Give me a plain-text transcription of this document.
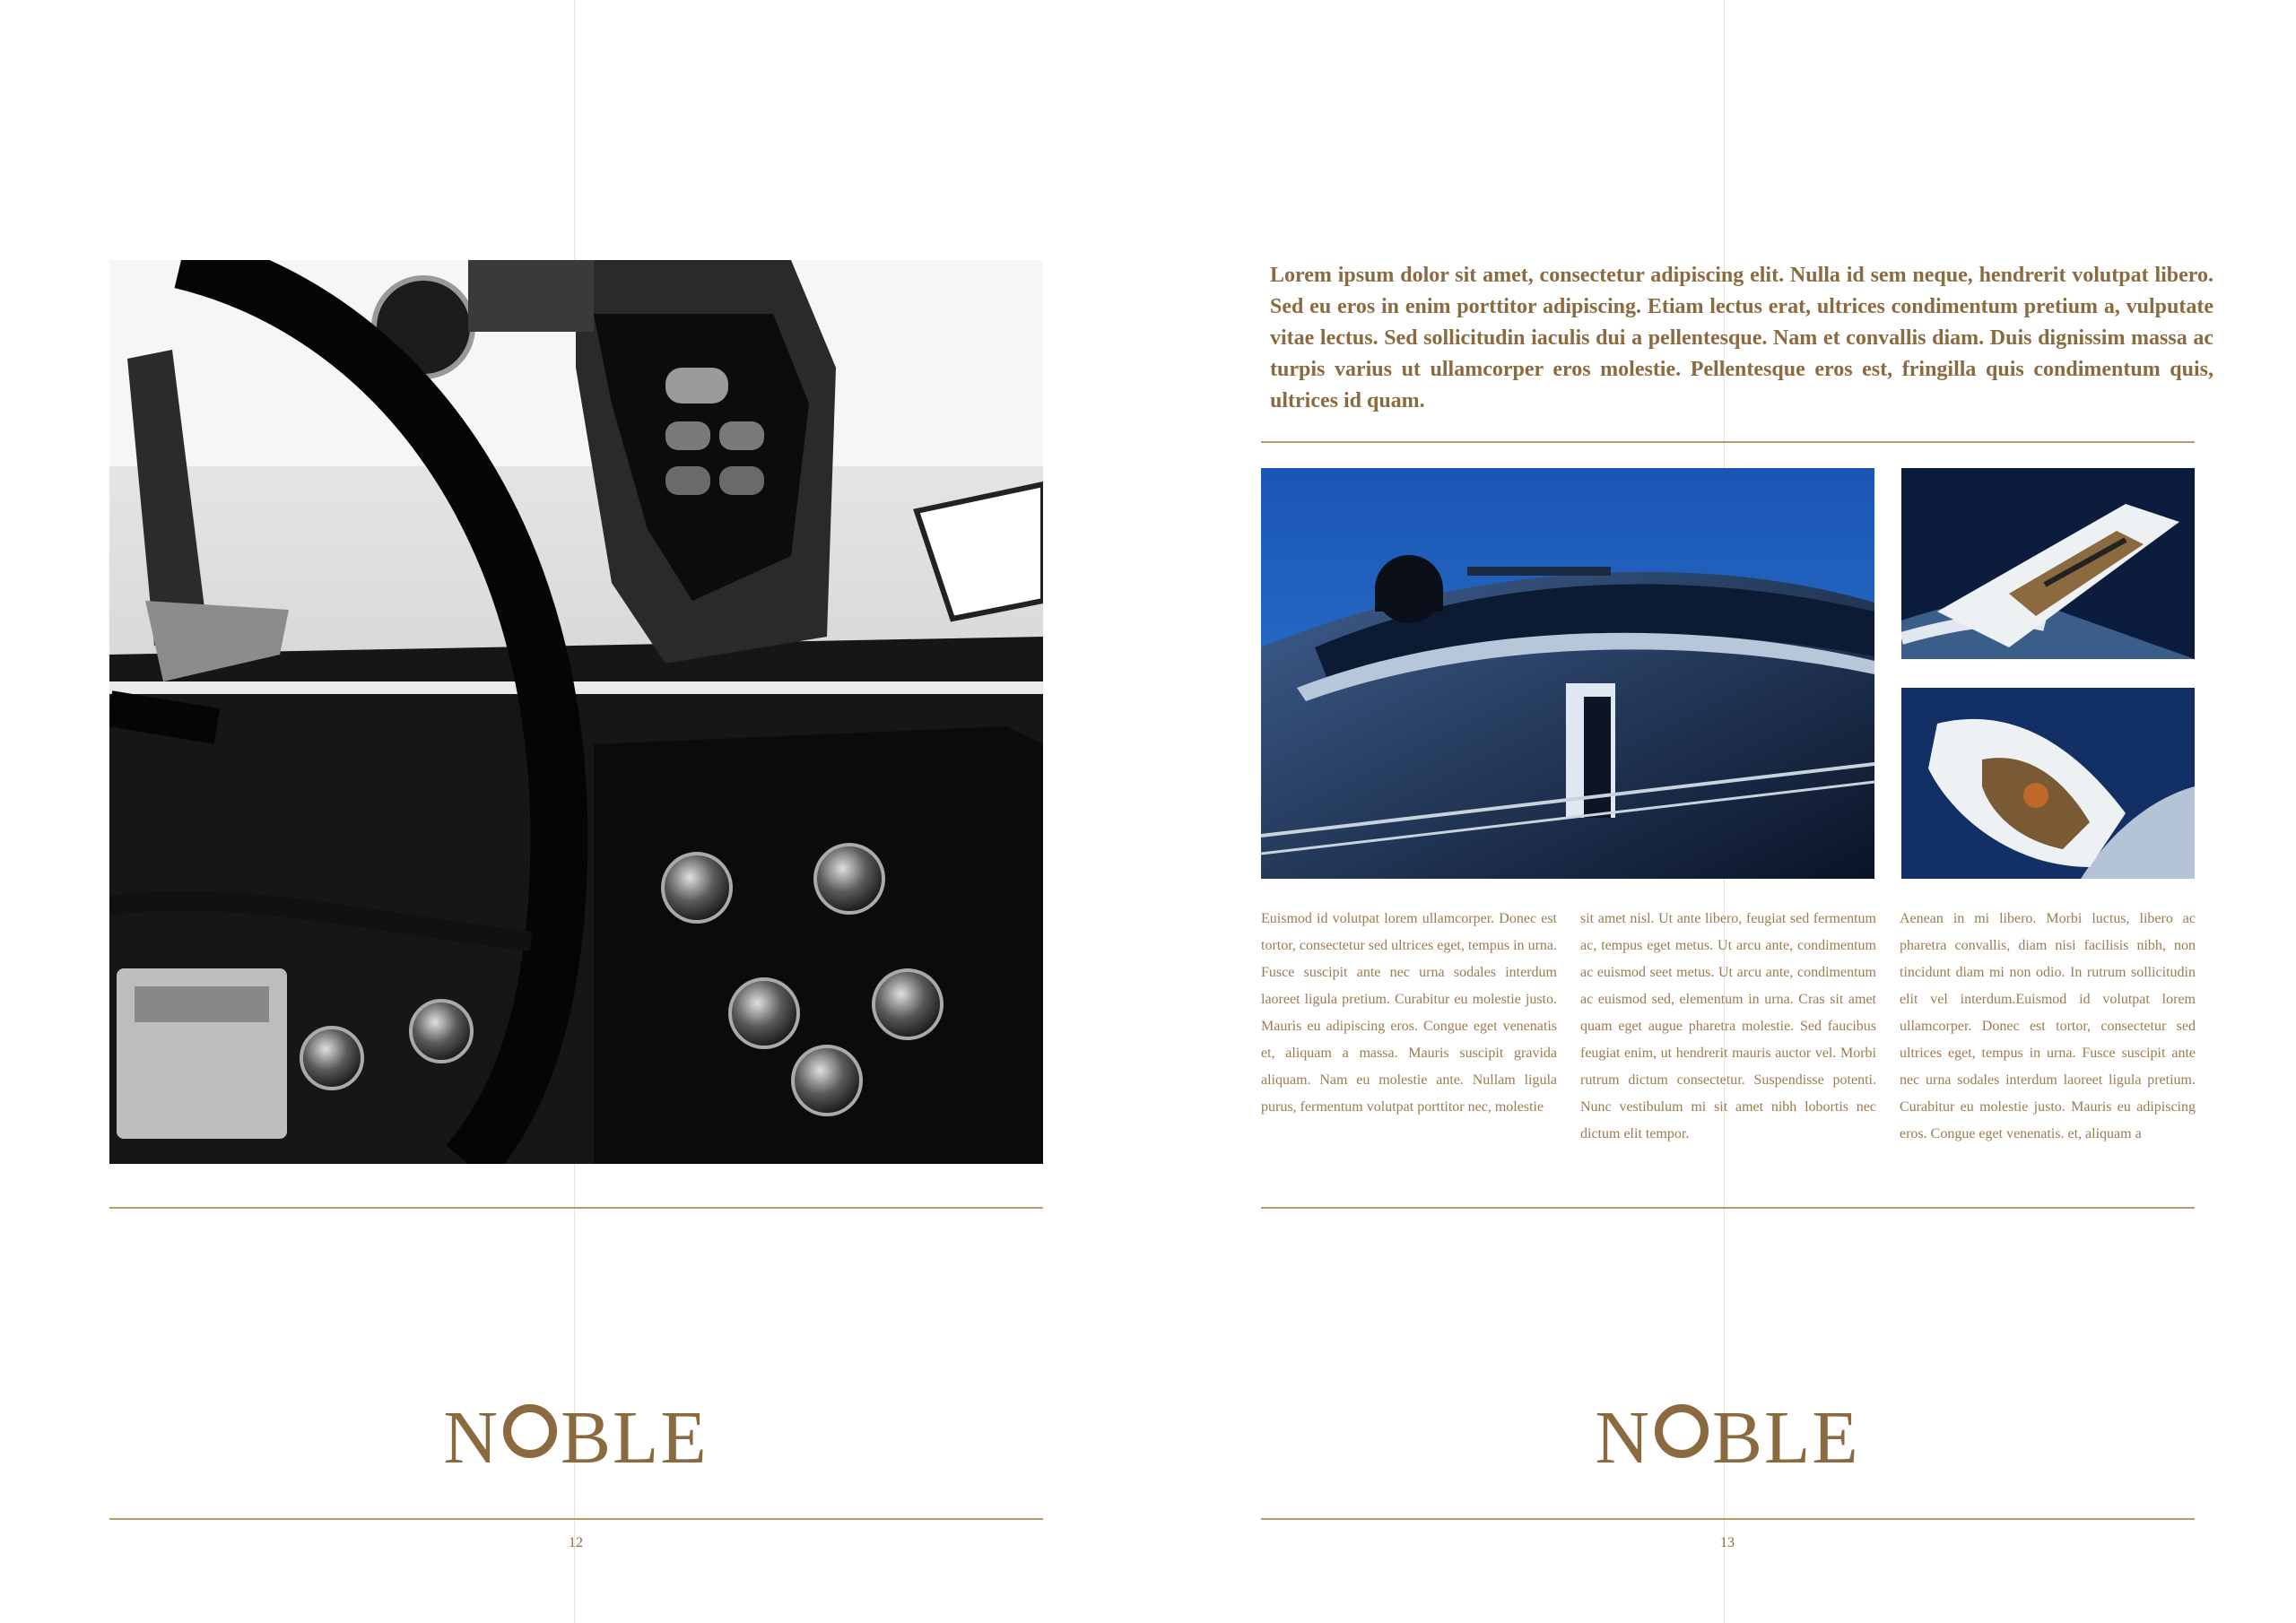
N BLE
12
Lorem ipsum dolor sit amet, consectetur adipiscing elit. Nulla id sem neque, hendrerit volutpat libero. Sed eu eros in enim porttitor adipiscing. Etiam lectus erat, ultrices condimentum pretium a, vulputate vitae lectus. Sed sollicitudin iaculis dui a pellentesque. Nam et convallis diam. Duis dignissim massa ac turpis varius ut ullamcorper eros molestie. Pellentesque eros est, fringilla quis condimentum quis, ultrices id quam.
Euismod id volutpat lorem ullamcorper. Donec est tortor, consectetur sed ultrices eget, tempus in urna. Fusce suscipit ante nec urna sodales interdum laoreet ligula pretium. Curabitur eu molestie justo. Mauris eu adipiscing eros. Congue eget venenatis et, aliquam a massa. Mauris suscipit gravida aliquam. Nam eu molestie ante. Nullam ligula purus, fermentum volutpat porttitor nec, molestie
sit amet nisl. Ut ante libero, feugiat sed fermentum ac, tempus eget metus. Ut arcu ante, condimentum ac euismod seet metus. Ut arcu ante, condimentum ac euismod sed, elementum in urna. Cras sit amet quam eget augue pharetra molestie. Sed faucibus feugiat enim, ut hendrerit mauris auctor vel. Morbi rutrum dictum consectetur. Suspendisse potenti. Nunc vestibulum mi sit amet nibh lobortis nec dictum elit tempor.
Aenean in mi libero. Morbi luctus, libero ac pharetra convallis, diam nisi facilisis nibh, non tincidunt diam mi non odio. In rutrum sollicitudin elit vel interdum.Euismod id volutpat lorem ullamcorper. Donec est tortor, consectetur sed ultrices eget, tempus in urna. Fusce suscipit ante nec urna sodales interdum laoreet ligula pretium. Curabitur eu molestie justo. Mauris eu adipiscing eros. Congue eget venenatis. et, aliquam a
N BLE
13
